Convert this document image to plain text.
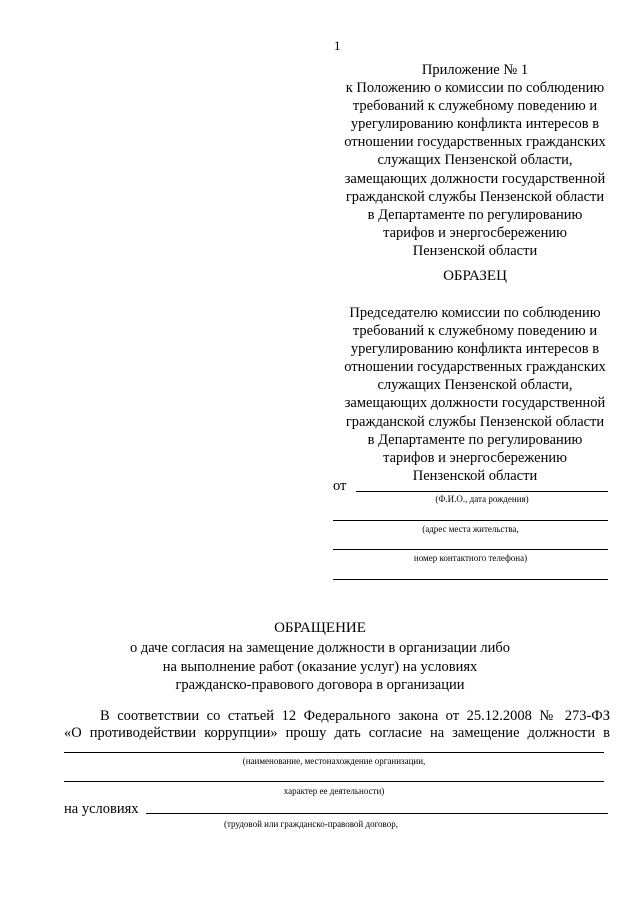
1
Приложение № 1
к Положению о комиссии по соблюдению
требований к служебному поведению и
урегулированию конфликта интересов в
отношении государственных гражданских
служащих Пензенской области,
замещающих должности государственной
гражданской службы Пензенской области
в Департаменте по регулированию
тарифов и энергосбережению
Пензенской области
ОБРАЗЕЦ
Председателю комиссии по соблюдению
требований к служебному поведению и
урегулированию конфликта интересов в
отношении государственных гражданских
служащих Пензенской области,
замещающих должности государственной
гражданской службы Пензенской области
в Департаменте по регулированию
тарифов и энергосбережению
Пензенской области
от
(Ф.И.О., дата рождения)
(адрес места жительства,
номер контактного телефона)
ОБРАЩЕНИЕ
о даче согласия на замещение должности в организации либо
на выполнение работ (оказание услуг) на условиях
гражданско-правового договора в организации
В соответствии со статьей 12 Федерального закона от 25.12.2008 № 273-ФЗ
«О противодействии коррупции» прошу дать согласие на замещение должности в
(наименование, местонахождение организации,
характер ее деятельности)
на условиях
(трудовой или гражданско-правовой договор,
